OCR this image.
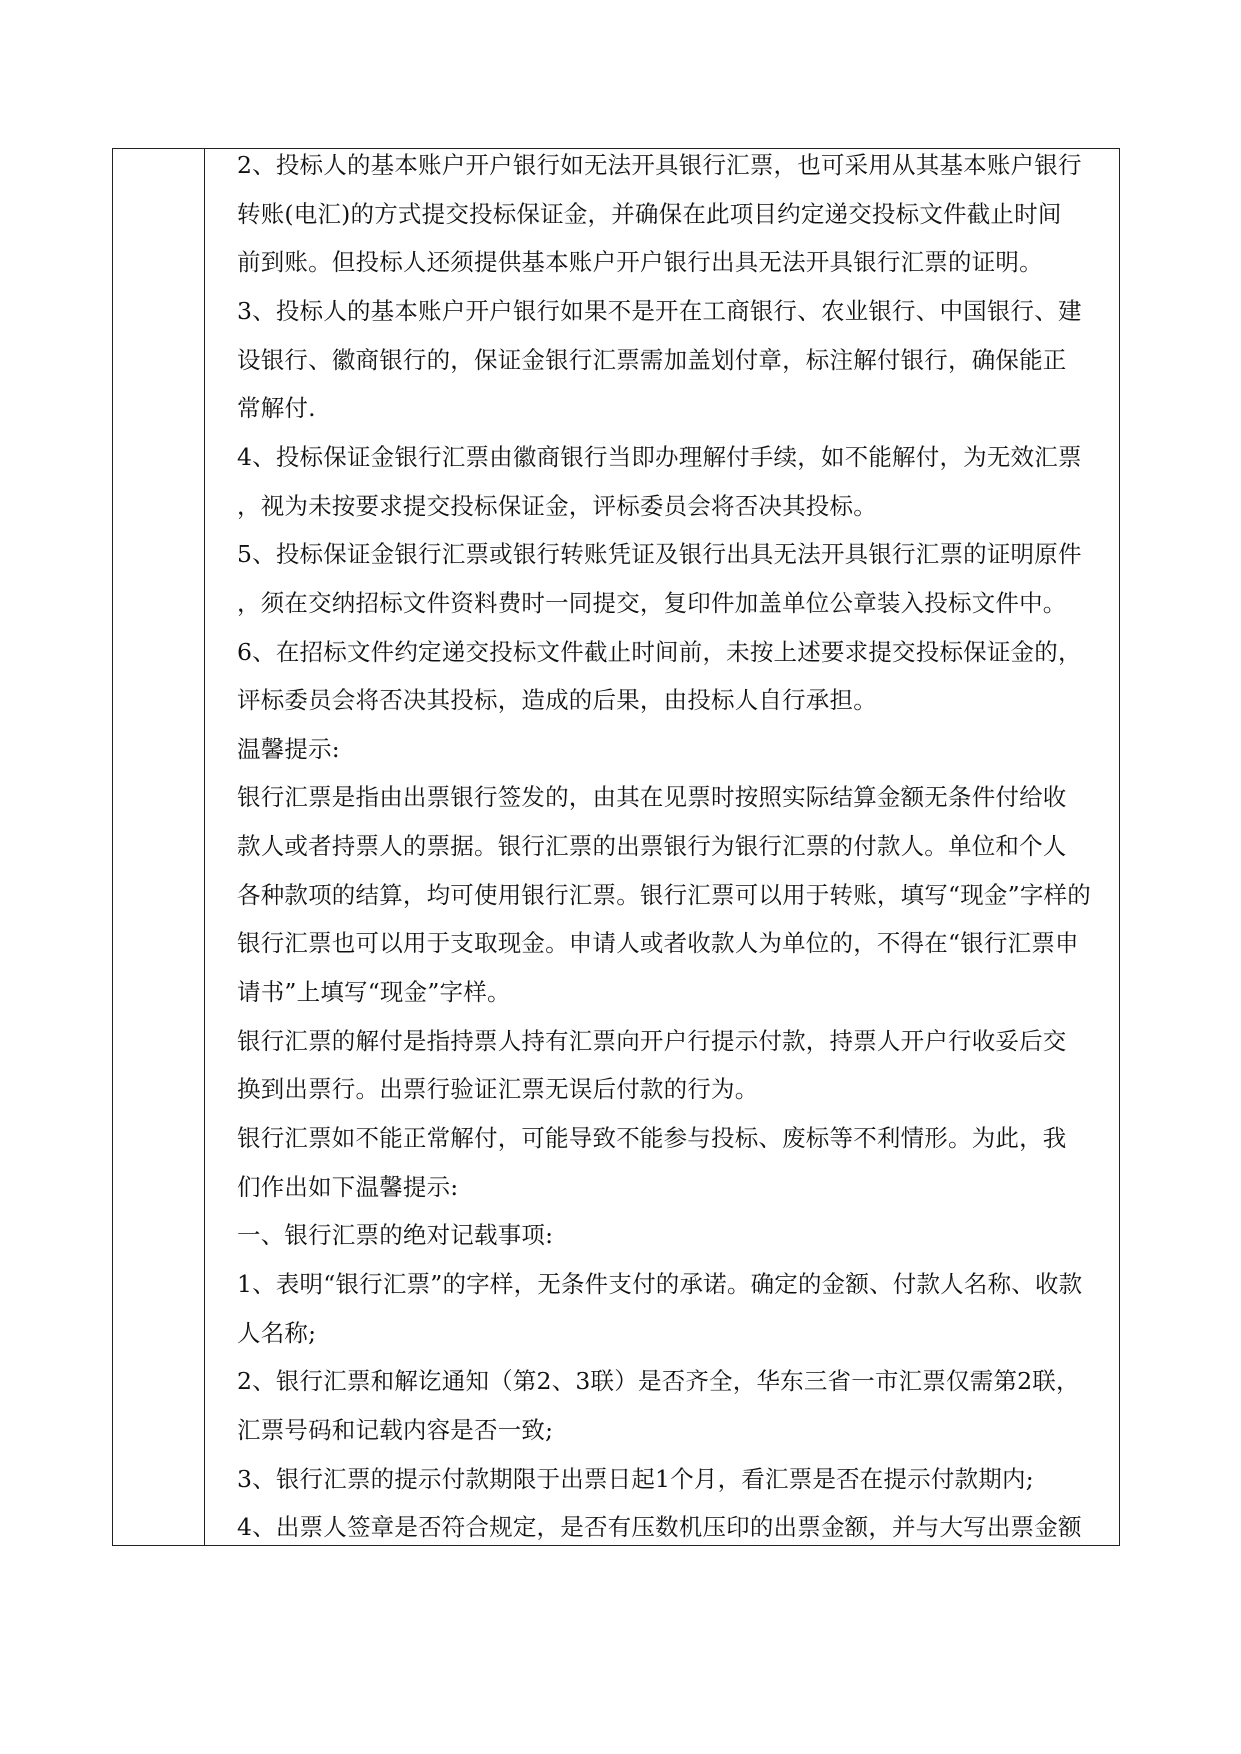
2、投标人的基本账户开户银行如无法开具银行汇票，也可采用从其基本账户银行
转账(电汇)的方式提交投标保证金，并确保在此项目约定递交投标文件截止时间
前到账。但投标人还须提供基本账户开户银行出具无法开具银行汇票的证明。
3、投标人的基本账户开户银行如果不是开在工商银行、农业银行、中国银行、建
设银行、徽商银行的，保证金银行汇票需加盖划付章，标注解付银行，确保能正
常解付.
4、投标保证金银行汇票由徽商银行当即办理解付手续，如不能解付，为无效汇票
，视为未按要求提交投标保证金，评标委员会将否决其投标。
5、投标保证金银行汇票或银行转账凭证及银行出具无法开具银行汇票的证明原件
，须在交纳招标文件资料费时一同提交，复印件加盖单位公章装入投标文件中。
6、在招标文件约定递交投标文件截止时间前，未按上述要求提交投标保证金的，
评标委员会将否决其投标，造成的后果，由投标人自行承担。
温馨提示:
银行汇票是指由出票银行签发的，由其在见票时按照实际结算金额无条件付给收
款人或者持票人的票据。银行汇票的出票银行为银行汇票的付款人。单位和个人
各种款项的结算，均可使用银行汇票。银行汇票可以用于转账，填写“现金”字样的
银行汇票也可以用于支取现金。申请人或者收款人为单位的，不得在“银行汇票申
请书”上填写“现金”字样。
银行汇票的解付是指持票人持有汇票向开户行提示付款，持票人开户行收妥后交
换到出票行。出票行验证汇票无误后付款的行为。
银行汇票如不能正常解付，可能导致不能参与投标、废标等不利情形。为此，我
们作出如下温馨提示:
一、银行汇票的绝对记载事项:
1、表明“银行汇票”的字样，无条件支付的承诺。确定的金额、付款人名称、收款
人名称;
2、银行汇票和解讫通知（第2、3联）是否齐全，华东三省一市汇票仅需第2联，
汇票号码和记载内容是否一致;
3、银行汇票的提示付款期限于出票日起1个月，看汇票是否在提示付款期内;
4、出票人签章是否符合规定，是否有压数机压印的出票金额，并与大写出票金额
